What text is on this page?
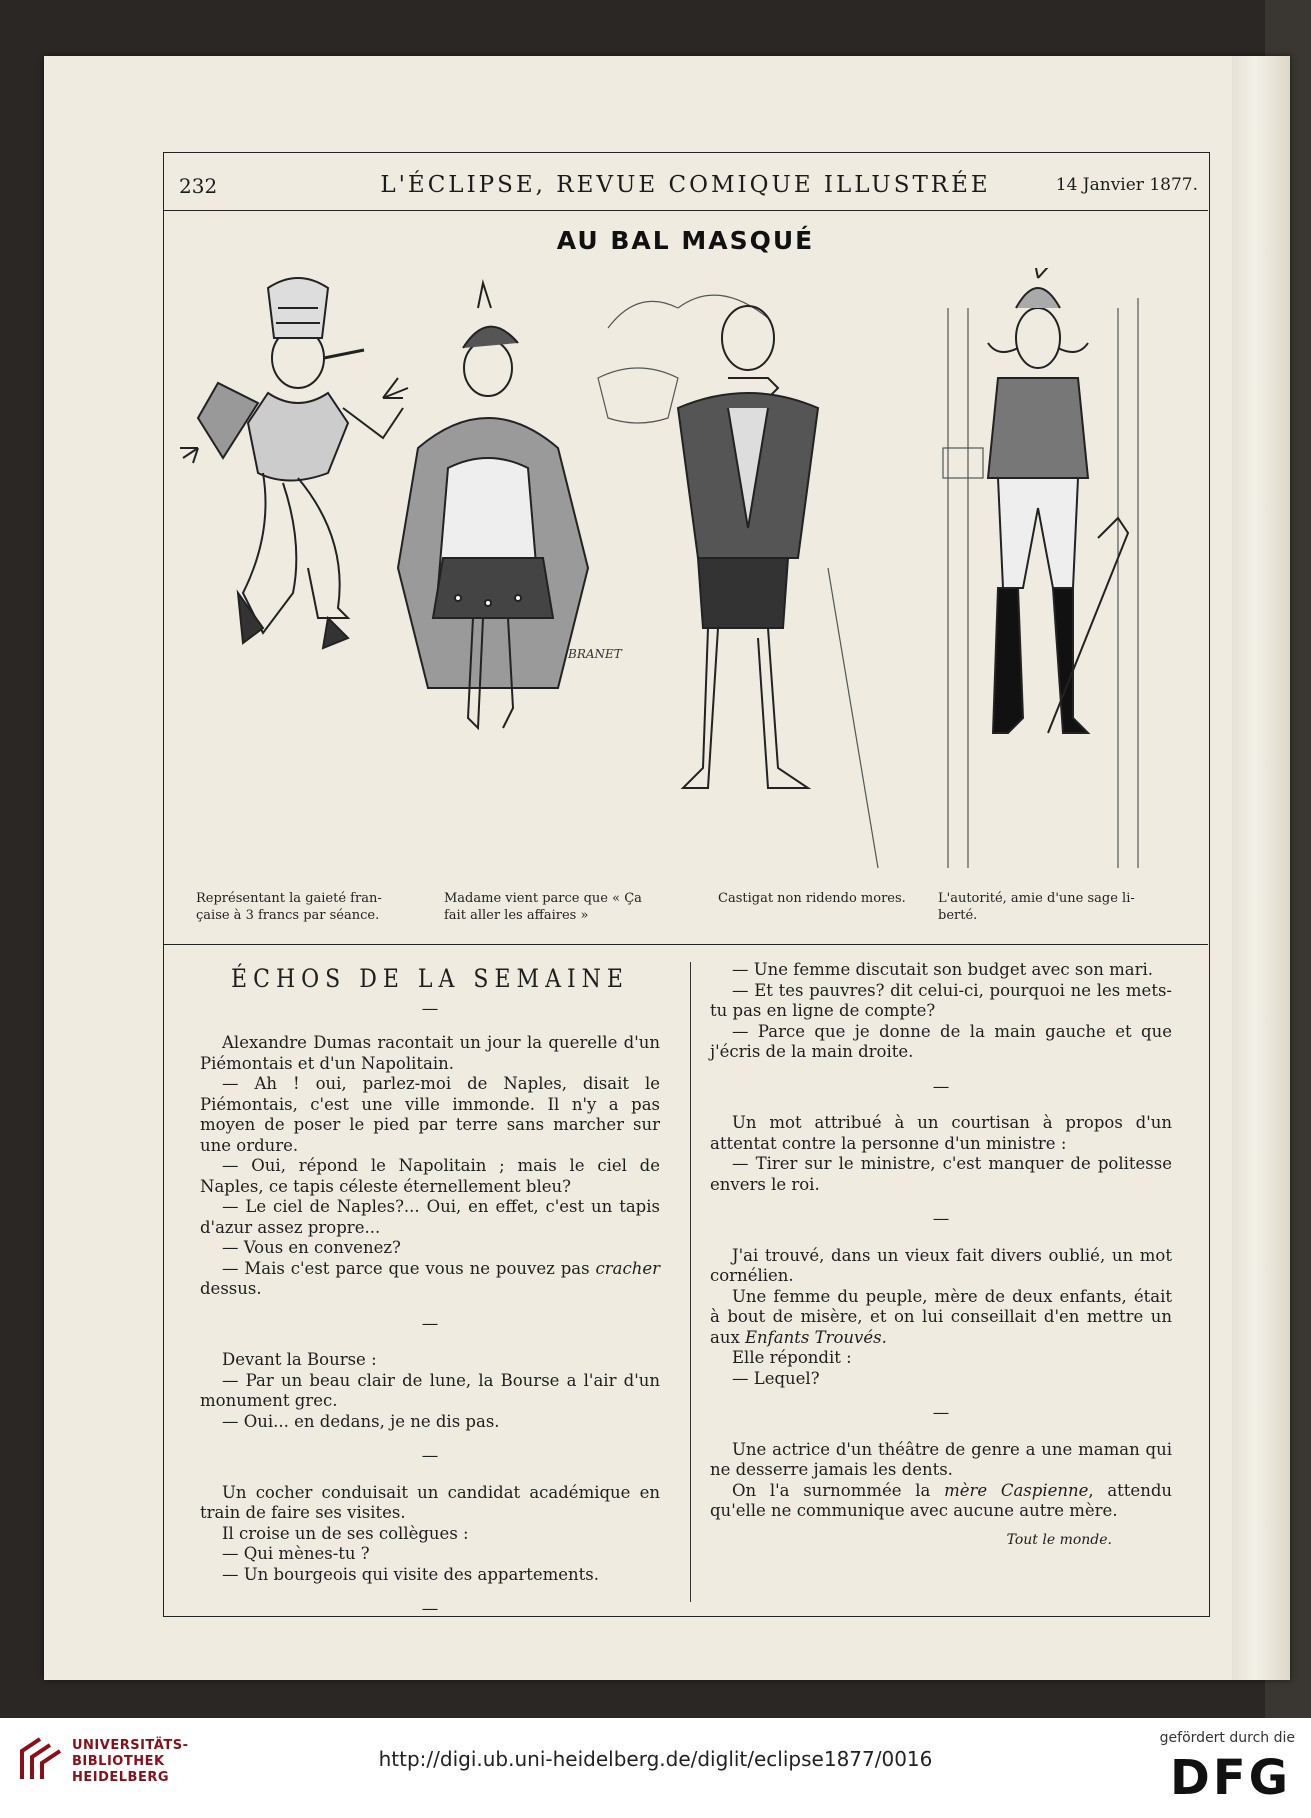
232	L'ÉCLIPSE, REVUE COMIQUE ILLUSTRÉE	14 Janvier 1877.
AU BAL MASQUÉ
BRANET
Représentant la gaieté fran-
çaise à 3 francs par séance.
Madame vient parce que « Ça
fait aller les affaires »
Castigat non ridendo mores.	L'autorité, amie d'une sage li-
berté.
ÉCHOS DE LA SEMAINE

—

Alexandre Dumas racontait un jour la querelle d'un Piémontais et d'un Napolitain.

— Ah ! oui, parlez-moi de Naples, disait le Piémontais, c'est une ville immonde. Il n'y a pas moyen de poser le pied par terre sans marcher sur une ordure.

— Oui, répond le Napolitain ; mais le ciel de Naples, ce tapis céleste éternellement bleu?

— Le ciel de Naples?... Oui, en effet, c'est un tapis d'azur assez propre...

— Vous en convenez?

— Mais c'est parce que vous ne pouvez pas cracher dessus.

—

Devant la Bourse :

— Par un beau clair de lune, la Bourse a l'air d'un monument grec.

— Oui... en dedans, je ne dis pas.

—

Un cocher conduisait un candidat académique en train de faire ses visites.

Il croise un de ses collègues :

— Qui mènes-tu ?

— Un bourgeois qui visite des appartements.

—

— Une femme discutait son budget avec son mari.

— Et tes pauvres? dit celui-ci, pourquoi ne les mets-tu pas en ligne de compte?

— Parce que je donne de la main gauche et que j'écris de la main droite.

—

Un mot attribué à un courtisan à propos d'un attentat contre la personne d'un ministre :

— Tirer sur le ministre, c'est manquer de politesse envers le roi.

—

J'ai trouvé, dans un vieux fait divers oublié, un mot cornélien.

Une femme du peuple, mère de deux enfants, était à bout de misère, et on lui conseillait d'en mettre un aux Enfants Trouvés.

Elle répondit :

— Lequel?

—

Une actrice d'un théâtre de genre a une maman qui ne desserre jamais les dents.

On l'a surnommée la mère Caspienne, attendu qu'elle ne communique avec aucune autre mère.

Tout le monde.

UNIVERSITÄTS-
BIBLIOTHEK
HEIDELBERG
http://digi.ub.uni-heidelberg.de/diglit/eclipse1877/0016
gefördert durch die
DFG
